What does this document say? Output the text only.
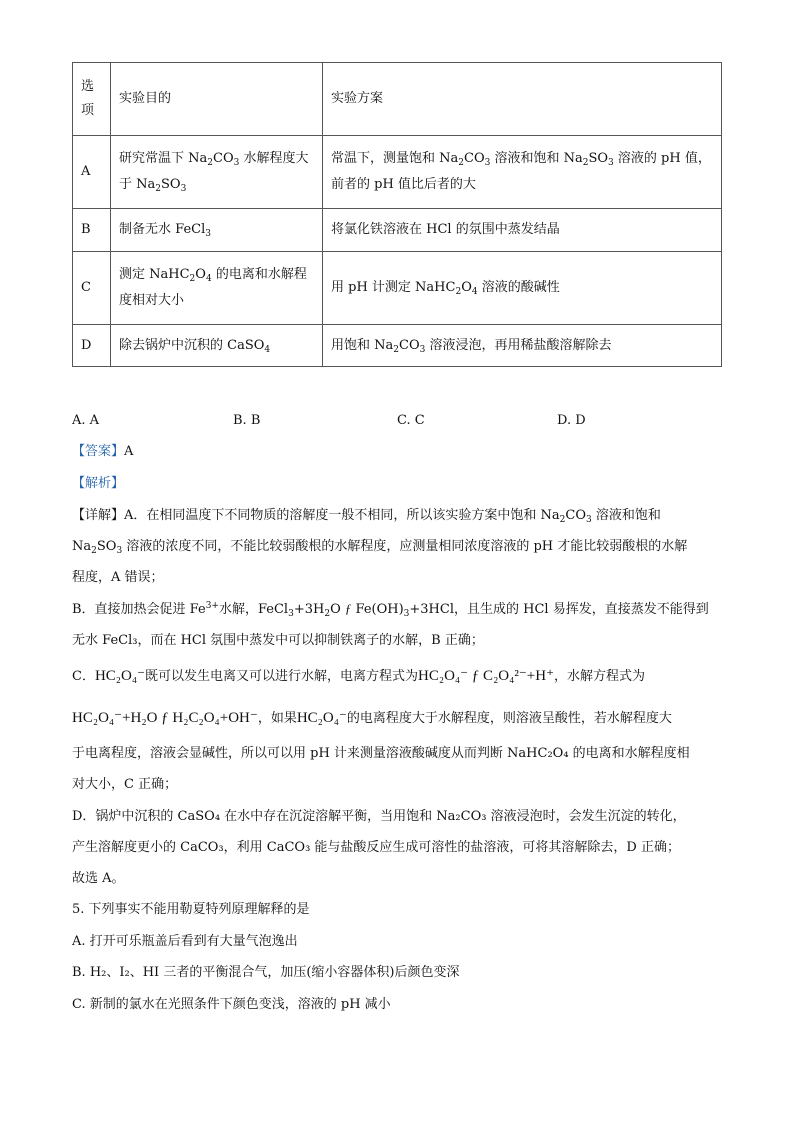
选
项	实验目的	实验方案
A	研究常温下 $Na_2CO_3$ 水解程度大于 $Na_2SO_3$	常温下，测量饱和 $Na_2CO_3$ 溶液和饱和 $Na_2SO_3$ 溶液的 pH 值，前者的 pH 值比后者的大
B	制备无水 FeCl$_3$	将氯化铁溶液在 HCl 的氛围中蒸发结晶
C	测定 $NaHC_2O_4$ 的电离和水解程度相对大小	用 pH 计测定 $NaHC_2O_4$ 溶液的酸碱性
D	除去锅炉中沉积的 CaSO$_4$	用饱和 $Na_2CO_3$ 溶液浸泡，再用稀盐酸溶解除去
A. A	B. B	C. C	D. D
【答案】A
【解析】
【详解】A．在相同温度下不同物质的溶解度一般不相同，所以该实验方案中饱和 $Na_2CO_3$ 溶液和饱和
$Na_2SO_3$ 溶液的浓度不同，不能比较弱酸根的水解程度，应测量相同浓度溶液的 pH 才能比较弱酸根的水解
程度，A 错误；
B．直接加热会促进 $Fe^{3+}$水解，$FeCl_3+3H_2O$ ƒ $Fe(OH)_3+3HCl$，且生成的 HCl 易挥发，直接蒸发不能得到
无水 FeCl₃，而在 HCl 氛围中蒸发中可以抑制铁离子的水解，B 正确；
C．HC₂O₄⁻既可以发生电离又可以进行水解，电离方程式为HC₂O₄⁻ ƒ C₂O₄²⁻+H⁺，水解方程式为
HC₂O₄⁻+H₂O ƒ H₂C₂O₄+OH⁻，如果HC₂O₄⁻的电离程度大于水解程度，则溶液呈酸性，若水解程度大
于电离程度，溶液会显碱性，所以可以用 pH 计来测量溶液酸碱度从而判断 NaHC₂O₄ 的电离和水解程度相
对大小，C 正确；
D．锅炉中沉积的 CaSO₄ 在水中存在沉淀溶解平衡，当用饱和 Na₂CO₃ 溶液浸泡时，会发生沉淀的转化，
产生溶解度更小的 CaCO₃，利用 CaCO₃ 能与盐酸反应生成可溶性的盐溶液，可将其溶解除去，D 正确；
故选 A。
5. 下列事实不能用勒夏特列原理解释的是
A. 打开可乐瓶盖后看到有大量气泡逸出
B. H₂、I₂、HI 三者的平衡混合气，加压(缩小容器体积)后颜色变深
C. 新制的氯水在光照条件下颜色变浅，溶液的 pH 减小
